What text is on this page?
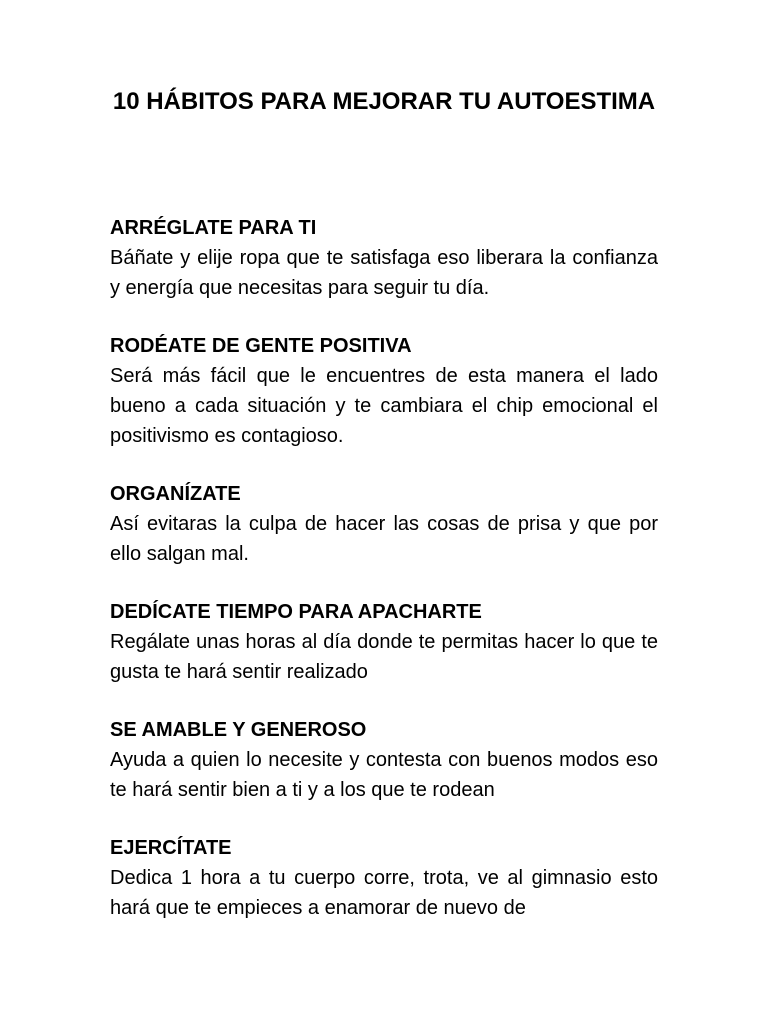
10 HÁBITOS PARA MEJORAR TU AUTOESTIMA
ARRÉGLATE PARA TI
Báñate y elije ropa que te satisfaga eso liberara la confianza y energía que necesitas para seguir tu día.
RODÉATE DE GENTE POSITIVA
Será más fácil que le encuentres de esta manera el lado bueno a cada situación y te cambiara el chip emocional el positivismo es contagioso.
ORGANÍZATE
Así evitaras la culpa de hacer las cosas de prisa y que por ello salgan mal.
DEDÍCATE TIEMPO PARA APACHARTE
Regálate unas horas al día donde te permitas hacer lo que te gusta te hará sentir realizado
SE AMABLE Y GENEROSO
Ayuda a quien lo necesite y contesta con buenos modos eso te hará sentir bien a ti y a los que te rodean
EJERCÍTATE
Dedica 1 hora a tu cuerpo corre, trota, ve al gimnasio esto hará que te empieces a enamorar de nuevo de
